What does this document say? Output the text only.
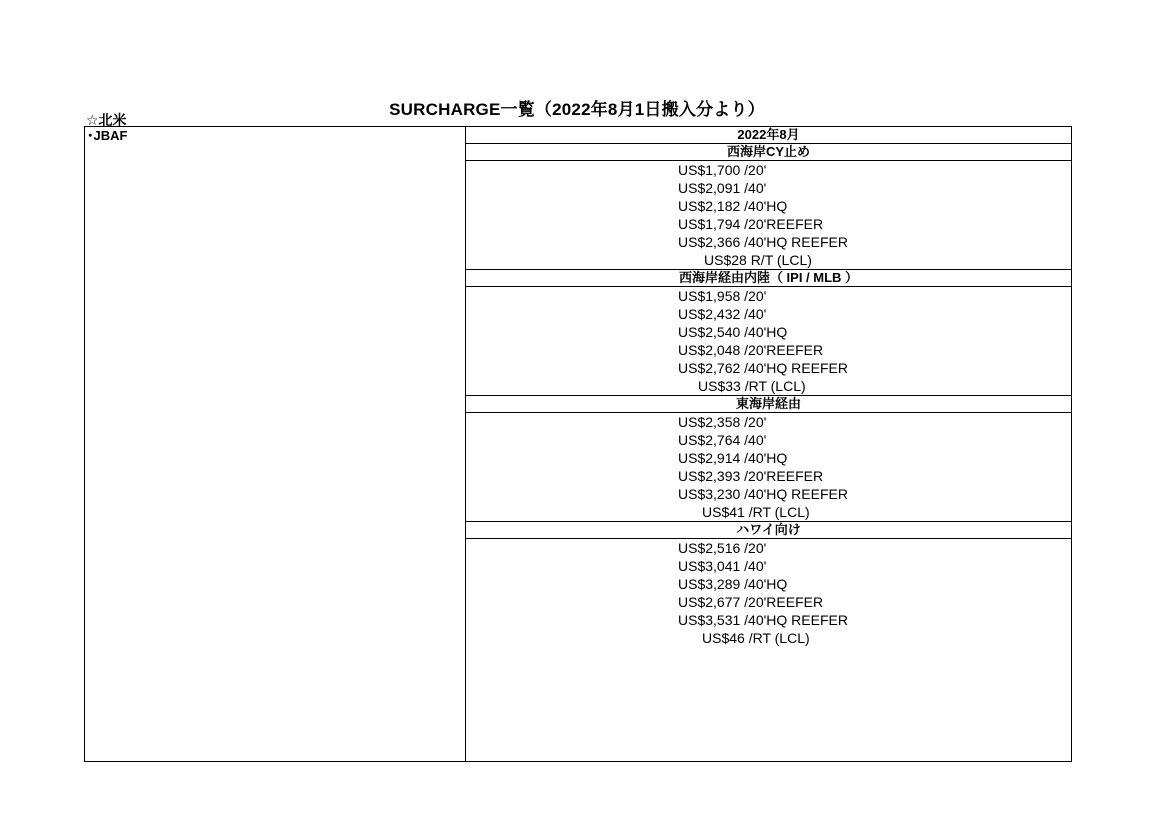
SURCHARGE一覧（2022年8月1日搬入分より）
☆北米
･JBAF	2022年8月
西海岸CY止め
US$1,700 /20'
US$2,091 /40'
US$2,182 /40'HQ
US$1,794 /20'REEFER
US$2,366 /40'HQ REEFER
US$28 R/T (LCL)
西海岸経由内陸（ IPI / MLB ）
US$1,958 /20'
US$2,432 /40'
US$2,540 /40'HQ
US$2,048 /20'REEFER
US$2,762 /40'HQ REEFER
US$33 /RT (LCL)
東海岸経由
US$2,358 /20'
US$2,764 /40'
US$2,914 /40'HQ
US$2,393 /20'REEFER
US$3,230 /40'HQ REEFER
US$41 /RT (LCL)
ハワイ向け
US$2,516 /20'
US$3,041 /40'
US$3,289 /40'HQ
US$2,677 /20'REEFER
US$3,531 /40'HQ REEFER
US$46 /RT (LCL)
